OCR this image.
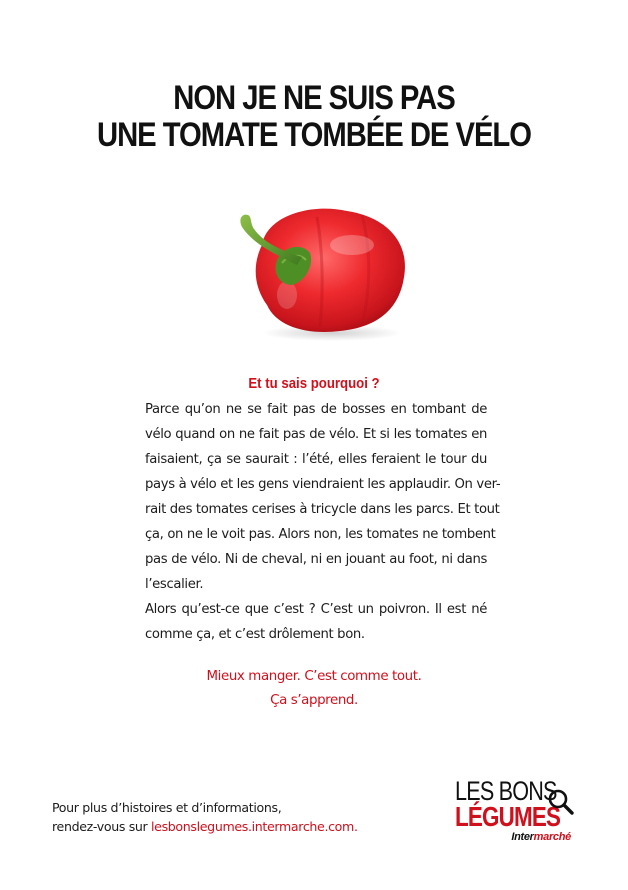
NON JE NE SUIS PAS
UNE TOMATE TOMBÉE DE VÉLO
Et tu sais pourquoi ?
Parce qu’on ne se fait pas de bosses en tombant de
vélo quand on ne fait pas de vélo. Et si les tomates en
faisaient, ça se saurait : l’été, elles feraient le tour du
pays à vélo et les gens viendraient les applaudir. On ver-
rait des tomates cerises à tricycle dans les parcs. Et tout
ça, on ne le voit pas. Alors non, les tomates ne tombent
pas de vélo. Ni de cheval, ni en jouant au foot, ni dans
l’escalier.
Alors qu’est-ce que c’est ? C’est un poivron. Il est né
comme ça, et c’est drôlement bon.
Mieux manger. C’est comme tout.
Ça s’apprend.
Pour plus d’histoires et d’informations,
rendez-vous sur lesbonslegumes.intermarche.com.
LES BONS
LÉGUMES
Intermarché
